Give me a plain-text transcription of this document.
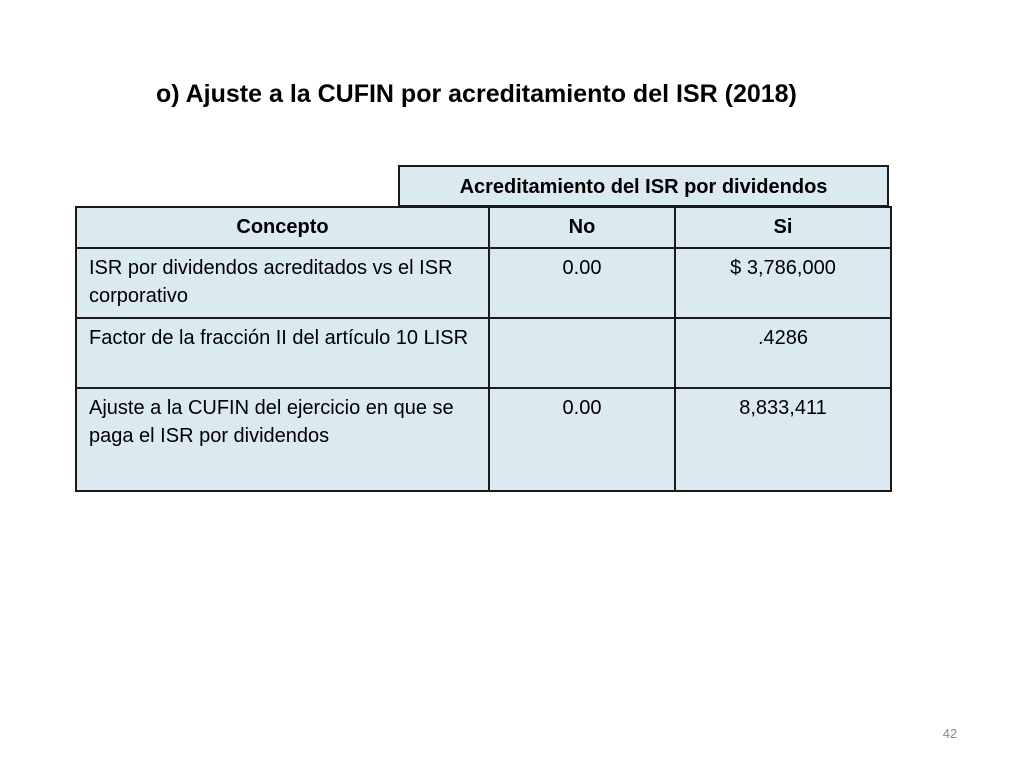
o) Ajuste a la CUFIN por acreditamiento del ISR (2018)
Acreditamiento del ISR por dividendos
Concepto	No	Si
ISR por dividendos acreditados vs el ISR corporativo	0.00	$ 3,786,000
Factor de la fracción II del artículo 10 LISR		.4286
Ajuste a la CUFIN del ejercicio en que se paga el ISR por dividendos	0.00	8,833,411
42
